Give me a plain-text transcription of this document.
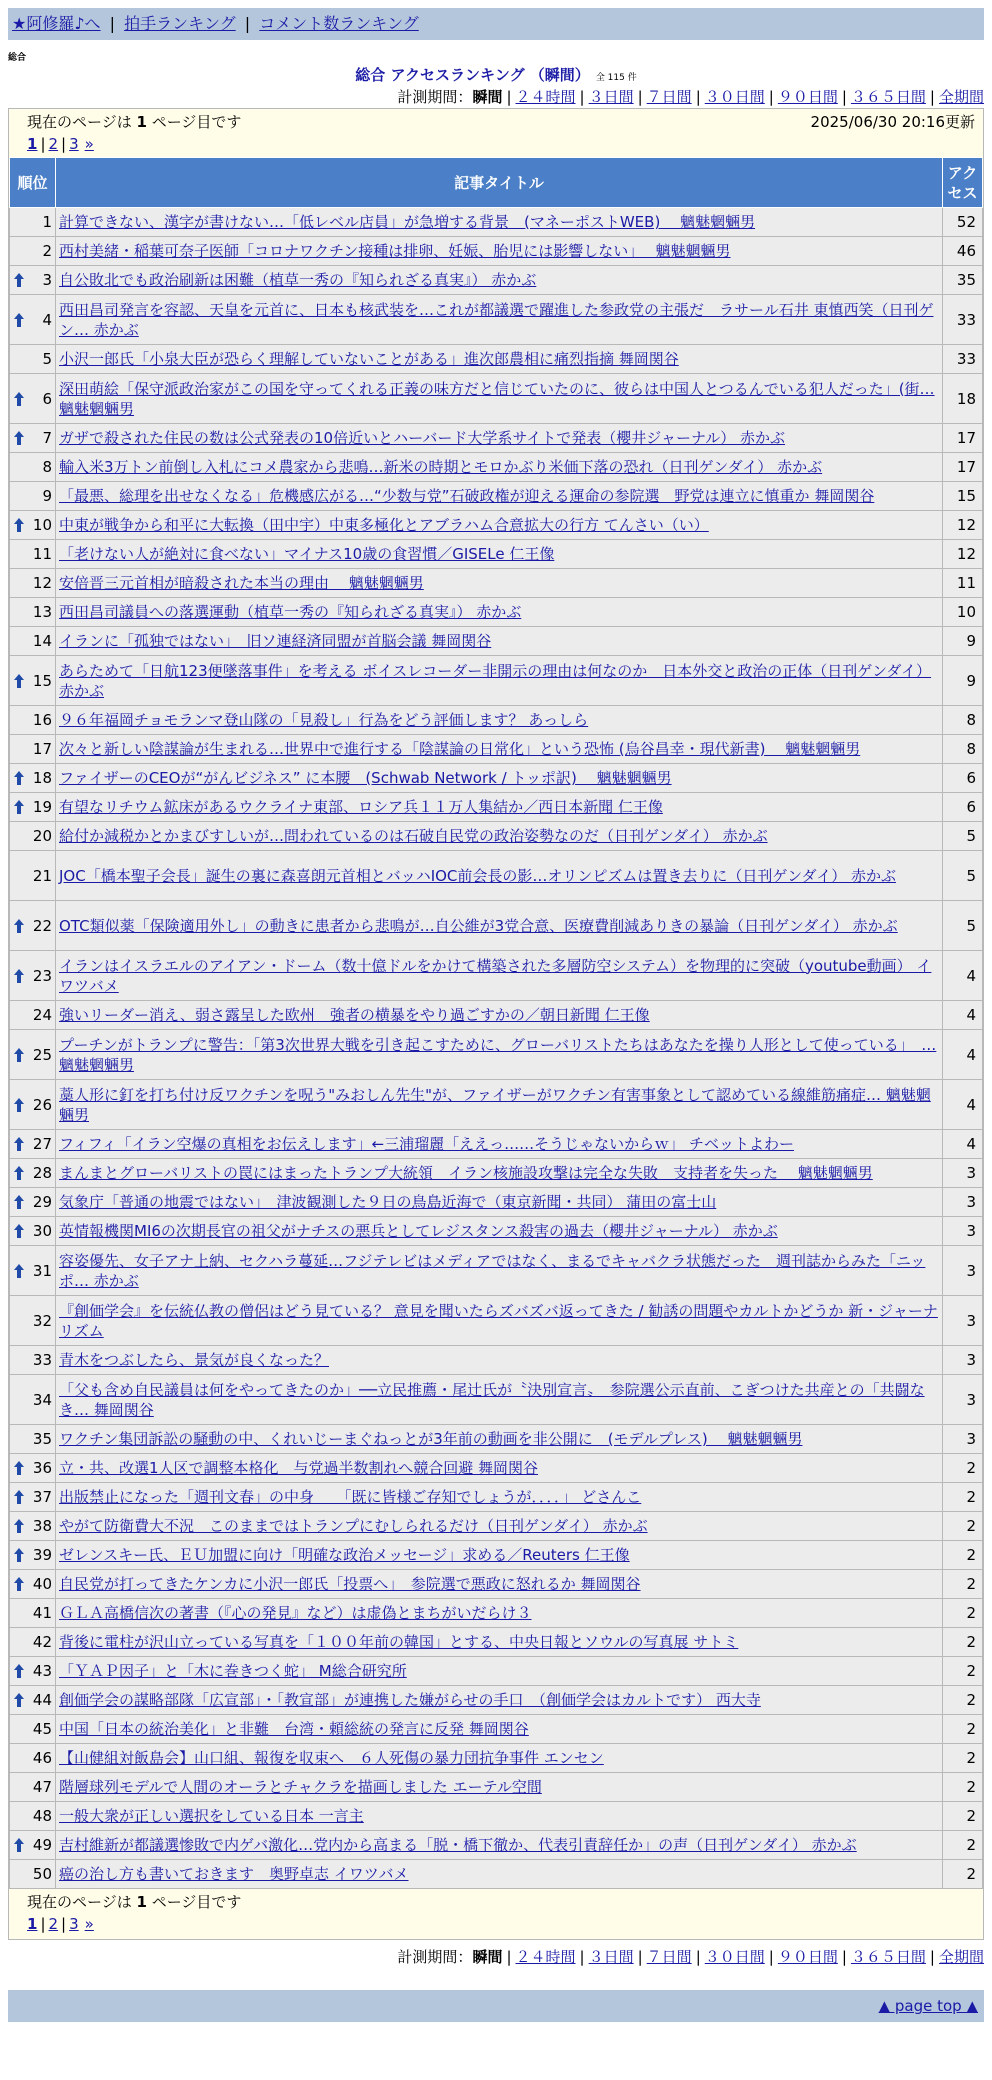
★阿修羅♪へ | 拍手ランキング | コメント数ランキング
総合
総合 アクセスランキング （瞬間） 全 115 件
計測期間：瞬間 | ２４時間 | ３日間 | ７日間 | ３０日間 | ９０日間 | ３６５日間 | 全期間
現在のページは 1 ページ目です	2025/06/30 20:16更新
1 | 2 | 3 »
順位	記事タイトル	アクセス
1	計算できない、漢字が書けない…「低レベル店員」が急増する背景　(マネーポストWEB)　 魑魅魍魎男	52
2	西村美緒・稲葉可奈子医師「コロナワクチン接種は排卵、妊娠、胎児には影響しない」　 魑魅魍魎男	46

3	自公敗北でも政治刷新は困難（植草一秀の『知られざる真実』） 赤かぶ	35

4	西田昌司発言を容認、天皇を元首に、日本も核武装を…これが都議選で躍進した参政党の主張だ　ラサール石井 東慎西笑（日刊ゲン… 赤かぶ	33
5	小沢一郎氏「小泉大臣が恐らく理解していないことがある」進次郎農相に痛烈指摘 舞岡関谷	33

6	深田萌絵「保守派政治家がこの国を守ってくれる正義の味方だと信じていたのに、彼らは中国人とつるんでいる犯人だった」(街… 魑魅魍魎男	18

7	ガザで殺された住民の数は公式発表の10倍近いとハーバード大学系サイトで発表（櫻井ジャーナル） 赤かぶ	17
8	輸入米3万トン前倒し入札にコメ農家から悲鳴…新米の時期とモロかぶり米価下落の恐れ（日刊ゲンダイ） 赤かぶ	17
9	「最悪、総理を出せなくなる」危機感広がる…“少数与党”石破政権が迎える運命の参院選　野党は連立に慎重か 舞岡関谷	15

10	中東が戦争から和平に大転換（田中宇）中東多極化とアブラハム合意拡大の行方 てんさい（い）	12
11	「老けない人が絶対に食べない」マイナス10歳の食習慣／GISELe 仁王像	12
12	安倍晋三元首相が暗殺された本当の理由　 魑魅魍魎男	11
13	西田昌司議員への落選運動（植草一秀の『知られざる真実』） 赤かぶ	10
14	イランに「孤独ではない」　旧ソ連経済同盟が首脳会議 舞岡関谷	9

15	あらためて「日航123便墜落事件」を考える ボイスレコーダー非開示の理由は何なのか　日本外交と政治の正体（日刊ゲンダイ） 赤かぶ	9
16	９６年福岡チョモランマ登山隊の「見殺し」行為をどう評価します？ あっしら	8
17	次々と新しい陰謀論が生まれる…世界中で進行する「陰謀論の日常化」という恐怖 (烏谷昌幸・現代新書)　 魑魅魍魎男	8

18	ファイザーのCEOが“がんビジネス” に本腰　(Schwab Network / トッポ訳)　 魑魅魍魎男	6

19	有望なリチウム鉱床があるウクライナ東部、ロシア兵１１万人集結か／西日本新聞 仁王像	6
20	給付か減税かとかまびすしいが…問われているのは石破自民党の政治姿勢なのだ（日刊ゲンダイ） 赤かぶ	5
21	JOC「橋本聖子会長」誕生の裏に森喜朗元首相とバッハIOC前会長の影…オリンピズムは置き去りに（日刊ゲンダイ） 赤かぶ	5

22	OTC類似薬「保険適用外し」の動きに患者から悲鳴が…自公維が3党合意、医療費削減ありきの暴論（日刊ゲンダイ） 赤かぶ	5

23	イランはイスラエルのアイアン・ドーム（数十億ドルをかけて構築された多層防空システム）を物理的に突破（youtube動画） イワツバメ	4
24	強いリーダー消え、弱さ露呈した欧州　強者の横暴をやり過ごすかの／朝日新聞 仁王像	4

25	プーチンがトランプに警告：「第3次世界大戦を引き起こすために、グローバリストたちはあなたを操り人形として使っている」　… 魑魅魍魎男	4

26	藁人形に釘を打ち付け反ワクチンを呪う"みおしん先生"が、ファイザーがワクチン有害事象として認めている線維筋痛症… 魑魅魍魎男	4

27	フィフィ「イラン空爆の真相をお伝えします」←三浦瑠麗「ええっ……そうじゃないからｗ」 チベットよわー	4

28	まんまとグローバリストの罠にはまったトランプ大統領　イラン核施設攻撃は完全な失敗　支持者を失った　 魑魅魍魎男	3

29	気象庁「普通の地震ではない」　津波観測した９日の鳥島近海で（東京新聞・共同） 蒲田の富士山	3

30	英情報機関MI6の次期長官の祖父がナチスの悪兵としてレジスタンス殺害の過去（櫻井ジャーナル） 赤かぶ	3

31	容姿優先、女子アナ上納、セクハラ蔓延…フジテレビはメディアではなく、まるでキャバクラ状態だった　週刊誌からみた「ニッポ… 赤かぶ	3
32	『創価学会』を伝統仏教の僧侶はどう見ている？ 意見を聞いたらズバズバ返ってきた / 勧誘の問題やカルトかどうか 新・ジャーナリズム	3
33	青木をつぶしたら、景気が良くなった？	3
34	「父も含め自民議員は何をやってきたのか」──立民推薦・尾辻氏が〝決別宣言〟　参院選公示直前、こぎつけた共産との「共闘なき… 舞岡関谷	3
35	ワクチン集団訴訟の騒動の中、くれいじーまぐねっとが3年前の動画を非公開に　(モデルプレス)　 魑魅魍魎男	3

36	立・共、改選1人区で調整本格化　与党過半数割れへ競合回避 舞岡関谷	2

37	出版禁止になった「週刊文春」の中身　　「既に皆様ご存知でしょうが．．．．」 どさんこ	2

38	やがて防衛費大不況　このままではトランプにむしられるだけ（日刊ゲンダイ） 赤かぶ	2

39	ゼレンスキー氏、ＥＵ加盟に向け「明確な政治メッセージ」求める／Reuters 仁王像	2

40	自民党が打ってきたケンカに小沢一郎氏「投票へ」　参院選で悪政に怒れるか 舞岡関谷	2
41	ＧＬＡ高橋信次の著書（『心の発見』など）は虚偽とまちがいだらけ３	2
42	背後に電柱が沢山立っている写真を「１００年前の韓国」とする、中央日報とソウルの写真展 サトミ	2

43	「ＹＡＰ因子」と「木に巻きつく蛇」 M総合研究所	2

44	創価学会の謀略部隊「広宣部」・「教宣部」が連携した嫌がらせの手口　（創価学会はカルトです） 西大寺	2
45	中国「日本の統治美化」と非難　台湾・頼総統の発言に反発 舞岡関谷	2
46	【山健組対飯島会】山口組、報復を収束へ　６人死傷の暴力団抗争事件 エンセン	2
47	階層球列モデルで人間のオーラとチャクラを描画しました エーテル空間	2
48	一般大衆が正しい選択をしている日本 一言主	2

49	吉村維新が都議選惨敗で内ゲバ激化…党内から高まる「脱・橋下徹か、代表引責辞任か」の声（日刊ゲンダイ） 赤かぶ	2
50	癌の治し方も書いておきます　奥野卓志 イワツバメ	2
現在のページは 1 ページ目です
1 | 2 | 3 »
計測期間：瞬間 | ２４時間 | ３日間 | ７日間 | ３０日間 | ９０日間 | ３６５日間 | 全期間
▲ page top ▲
